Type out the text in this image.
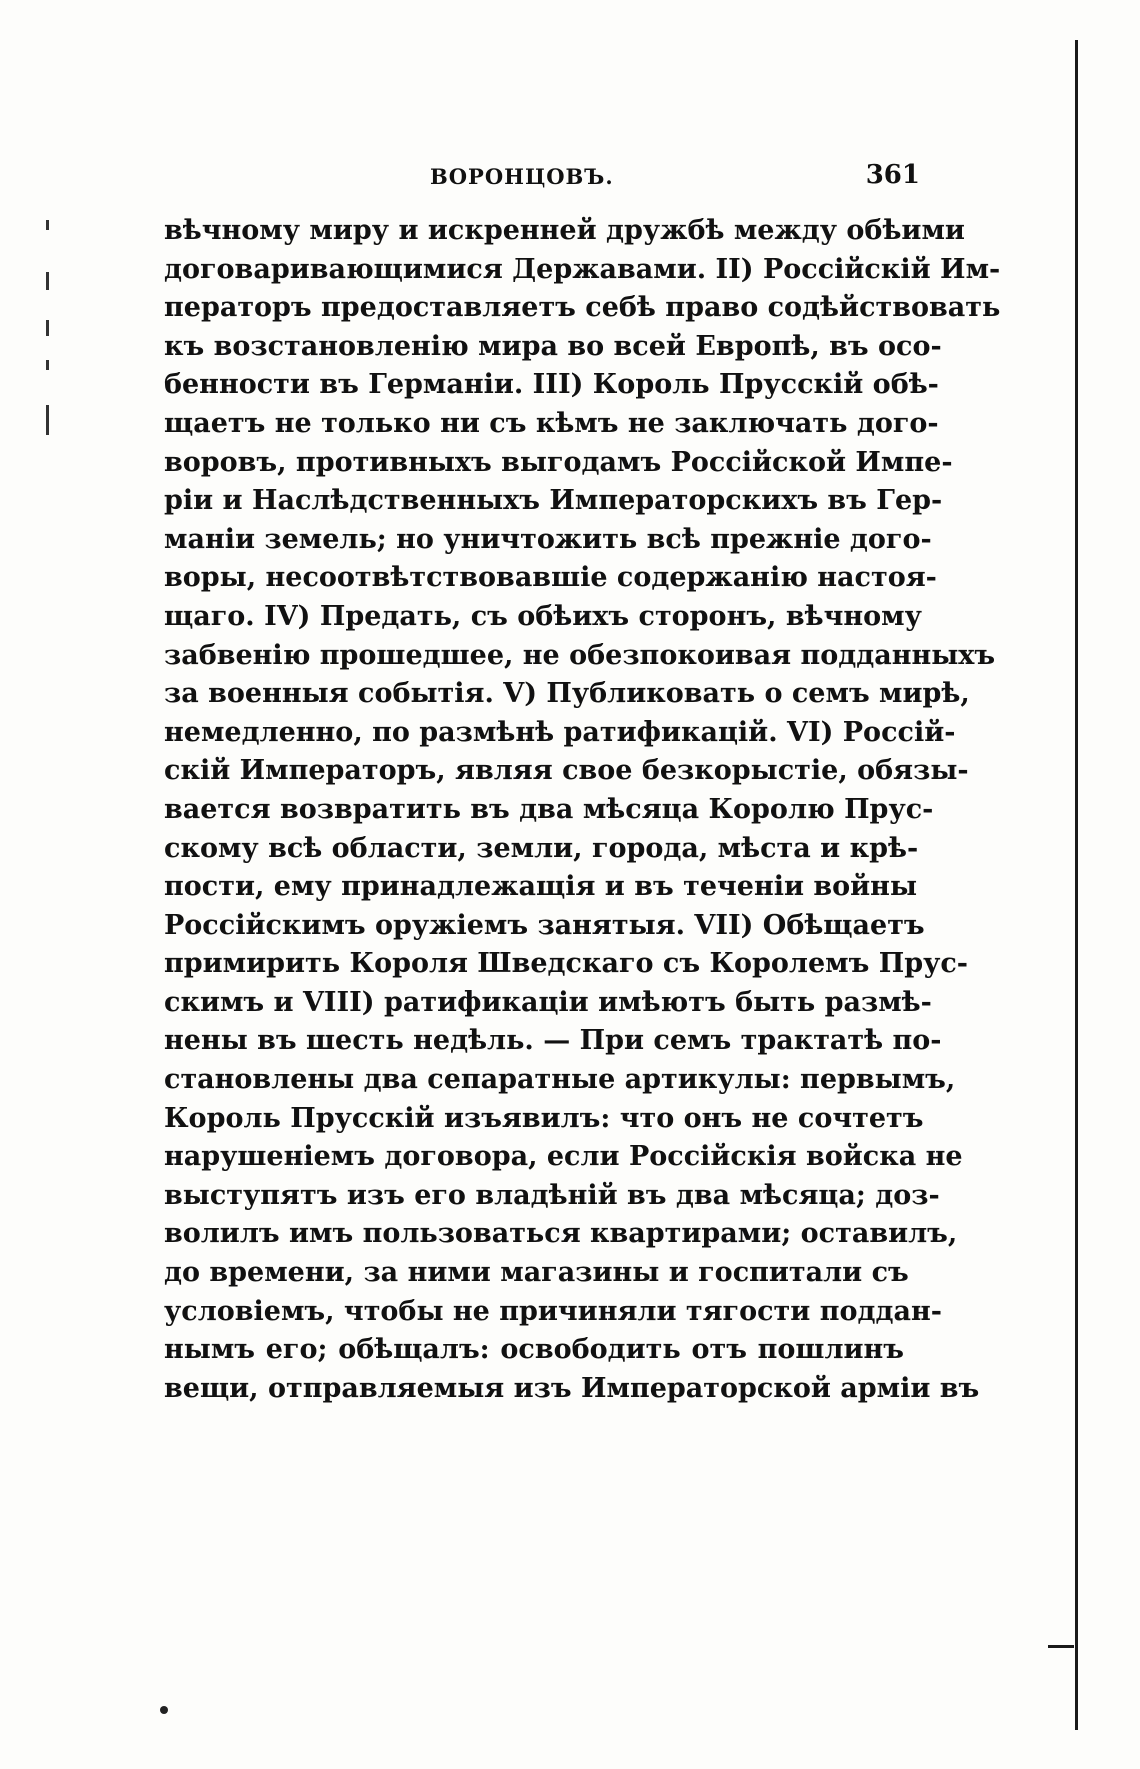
ВОРОНЦОВЪ.	361
вѣчному миру и искренней дружбѣ между обѣими
договаривающимися Державами. II) Россійскій Им-
ператоръ предоставляетъ себѣ право содѣйствовать
къ возстановленію мира во всей Европѣ, въ осо-
бенности въ Германіи. III) Король Прусскій обѣ-
щаетъ не только ни съ кѣмъ не заключать дого-
воровъ, противныхъ выгодамъ Россійской Импе-
ріи и Наслѣдственныхъ Императорскихъ въ Гер-
маніи земель; но уничтожить всѣ прежніе дого-
воры, несоотвѣтствовавшіе содержанію настоя-
щаго. IV) Предать, съ обѣихъ сторонъ, вѣчному
забвенію прошедшее, не обезпокоивая подданныхъ
за военныя событія. V) Публиковать о семъ мирѣ,
немедленно, по размѣнѣ ратификацій. VI) Россій-
скій Императоръ, являя свое безкорыстіе, обязы-
вается возвратить въ два мѣсяца Королю Прус-
скому всѣ области, земли, города, мѣста и крѣ-
пости, ему принадлежащія и въ теченіи войны
Россійскимъ оружіемъ занятыя. VII) Обѣщаетъ
примирить Короля Шведскаго съ Королемъ Прус-
скимъ и VIII) ратификаціи имѣютъ быть размѣ-
нены въ шесть недѣль. — При семъ трактатѣ по-
становлены два сепаратные артикулы: первымъ,
Король Прусскій изъявилъ: что онъ не сочтетъ
нарушеніемъ договора, если Россійскія войска не
выступятъ изъ его владѣній въ два мѣсяца; доз-
волилъ имъ пользоваться квартирами; оставилъ,
до времени, за ними магазины и госпитали съ
условіемъ, чтобы не причиняли тягости поддан-
нымъ его; обѣщалъ: освободить отъ пошлинъ
вещи, отправляемыя изъ Императорской арміи въ
